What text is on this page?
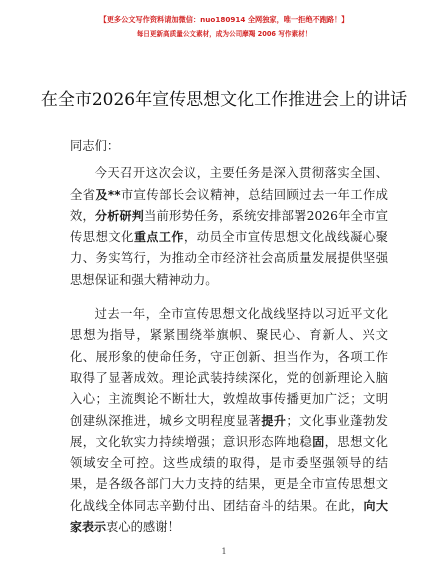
【更多公文写作资料请加微信：nuo180914 全网独家，唯一拒绝不跑路！】
每日更新高质量公文素材，成为公司摩羯 2006 写作素材！
在全市2026年宣传思想文化工作推进会上的讲话

同志们：

今天召开这次会议，主要任务是深入贯彻落实全国、全省及**市宣传部长会议精神，总结回顾过去一年工作成效，分析研判当前形势任务，系统安排部署2026年全市宣传思想文化重点工作，动员全市宣传思想文化战线凝心聚力、务实笃行，为推动全市经济社会高质量发展提供坚强思想保证和强大精神动力。

过去一年，全市宣传思想文化战线坚持以习近平文化思想为指导，紧紧围绕举旗帜、聚民心、育新人、兴文化、展形象的使命任务，守正创新、担当作为，各项工作取得了显著成效。理论武装持续深化，党的创新理论入脑入心；主流舆论不断壮大，敦煌故事传播更加广泛；文明创建纵深推进，城乡文明程度显著提升；文化事业蓬勃发展，文化软实力持续增强；意识形态阵地稳固，思想文化领域安全可控。这些成绩的取得，是市委坚强领导的结果，是各级各部门大力支持的结果，更是全市宣传思想文化战线全体同志辛勤付出、团结奋斗的结果。在此，向大家表示衷心的感谢！

1
